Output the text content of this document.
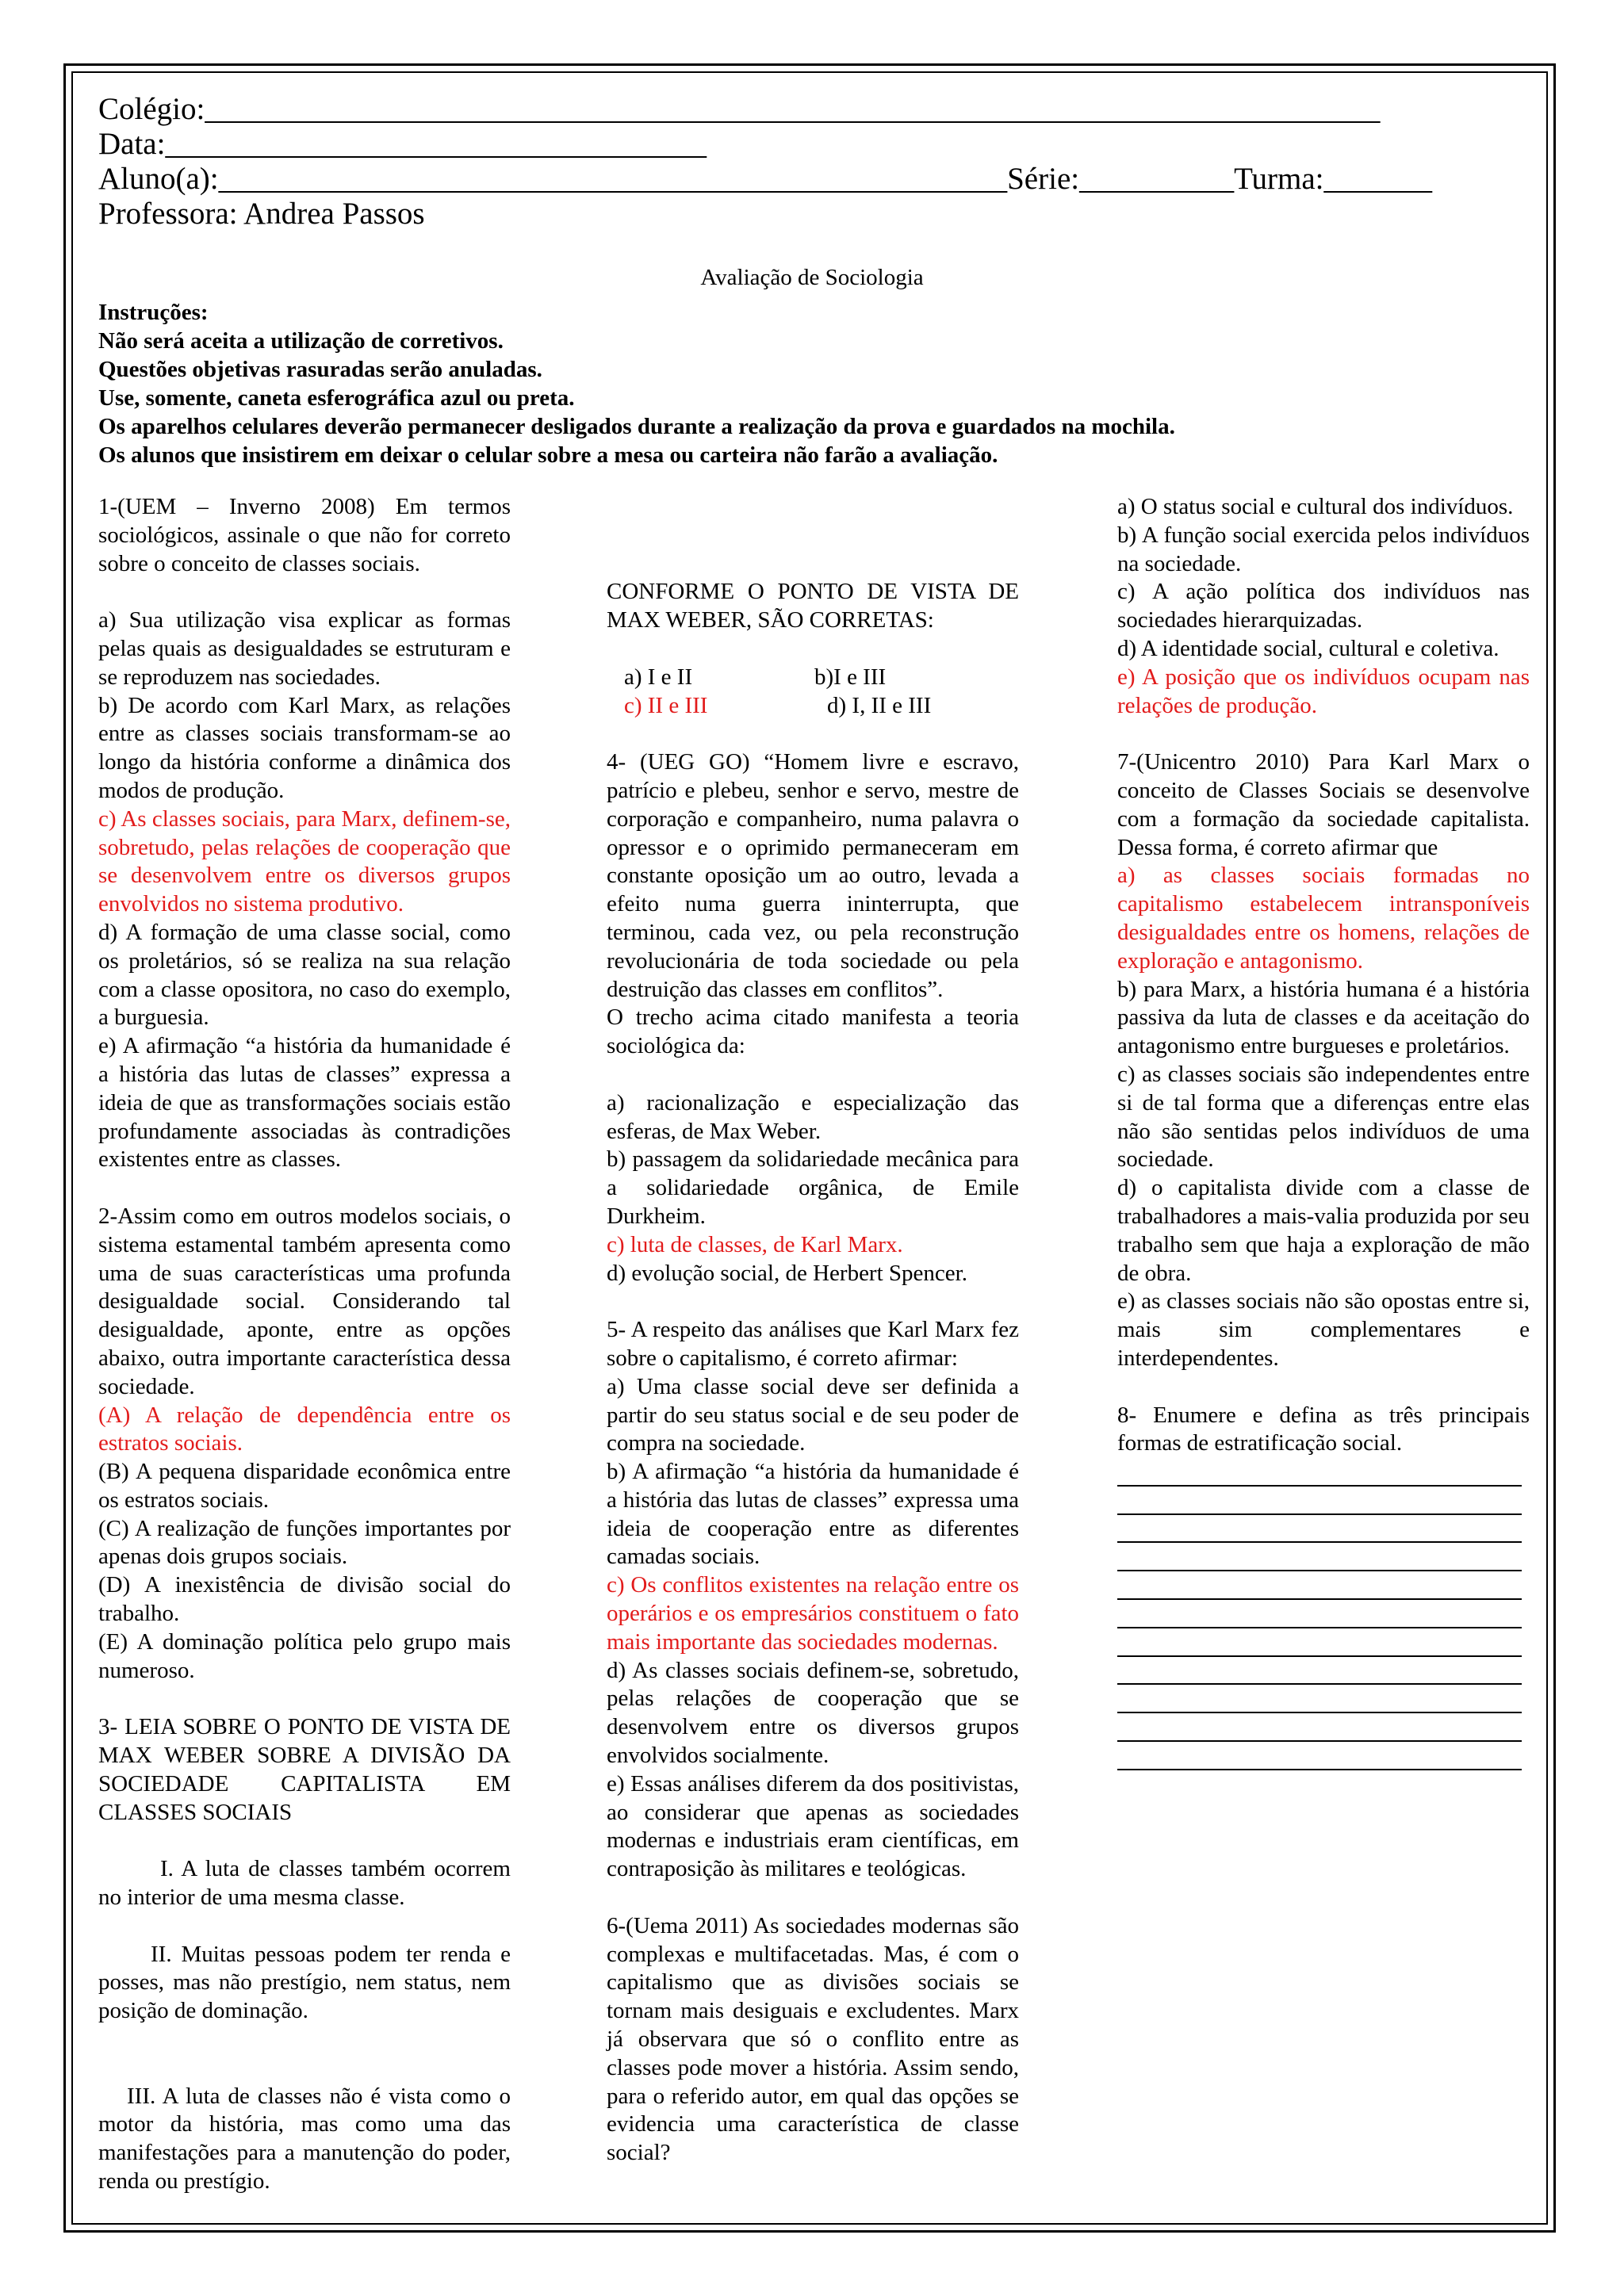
Colégio:____________________________________________________________________________
Data:___________________________________
Aluno(a):___________________________________________________Série:__________Turma:_______
Professora: Andrea Passos
Avaliação de Sociologia
Instruções:
Não será aceita a utilização de corretivos.
Questões objetivas rasuradas serão anuladas.
Use, somente, caneta esferográfica azul ou preta.
Os aparelhos celulares deverão permanecer desligados durante a realização da prova e guardados na mochila.
Os alunos que insistirem em deixar o celular sobre a mesa ou carteira não farão a avaliação.

1-(UEM – Inverno 2008) Em termos sociológicos, assinale o que não for correto sobre o conceito de classes sociais.

a) Sua utilização visa explicar as formas pelas quais as desigualdades se estruturam e se reproduzem nas sociedades.

b) De acordo com Karl Marx, as relações entre as classes sociais transformam-se ao longo da história conforme a dinâmica dos modos de produção.

c) As classes sociais, para Marx, definem-se, sobretudo, pelas relações de cooperação que se desenvolvem entre os diversos grupos envolvidos no sistema produtivo.

d) A formação de uma classe social, como os proletários, só se realiza na sua relação com a classe opositora, no caso do exemplo, a burguesia.

e) A afirmação “a história da humanidade é a história das lutas de classes” expressa a ideia de que as transformações sociais estão profundamente associadas às contradições existentes entre as classes.

2-Assim como em outros modelos sociais, o sistema estamental também apresenta como uma de suas características uma profunda desigualdade social. Considerando tal desigualdade, aponte, entre as opções abaixo, outra importante característica dessa sociedade.

(A) A relação de dependência entre os estratos sociais.

(B) A pequena disparidade econômica entre os estratos sociais.

(C) A realização de funções importantes por apenas dois grupos sociais.

(D) A inexistência de divisão social do trabalho.

(E) A dominação política pelo grupo mais numeroso.

3- LEIA SOBRE O PONTO DE VISTA DE MAX WEBER SOBRE A DIVISÃO DA SOCIEDADE CAPITALISTA EM CLASSES SOCIAIS

I. A luta de classes também ocorrem no interior de uma mesma classe.

II. Muitas pessoas podem ter renda e posses, mas não prestígio, nem status, nem posição de dominação.

III. A luta de classes não é vista como o motor da história, mas como uma das manifestações para a manutenção do poder, renda ou prestígio.

CONFORME O PONTO DE VISTA DE MAX WEBER, SÃO CORRETAS:

a) I e II	b)I e III
c) II e III	d) I, II e III

4- (UEG GO) “Homem livre e escravo, patrício e plebeu, senhor e servo, mestre de corporação e companheiro, numa palavra o opressor e o oprimido permaneceram em constante oposição um ao outro, levada a efeito numa guerra ininterrupta, que terminou, cada vez, ou pela reconstrução revolucionária de toda sociedade ou pela destruição das classes em conflitos”.

O trecho acima citado manifesta a teoria sociológica da:

a) racionalização e especialização das esferas, de Max Weber.

b) passagem da solidariedade mecânica para a solidariedade orgânica, de Emile Durkheim.

c) luta de classes, de Karl Marx.

d) evolução social, de Herbert Spencer.

5- A respeito das análises que Karl Marx fez sobre o capitalismo, é correto afirmar:

a) Uma classe social deve ser definida a partir do seu status social e de seu poder de compra na sociedade.

b) A afirmação “a história da humanidade é a história das lutas de classes” expressa uma ideia de cooperação entre as diferentes camadas sociais.

c) Os conflitos existentes na relação entre os operários e os empresários constituem o fato mais importante das sociedades modernas.

d) As classes sociais definem-se, sobretudo, pelas relações de cooperação que se desenvolvem entre os diversos grupos envolvidos socialmente.

e) Essas análises diferem da dos positivistas, ao considerar que apenas as sociedades modernas e industriais eram científicas, em contraposição às militares e teológicas.

6-(Uema 2011) As sociedades modernas são complexas e multifacetadas. Mas, é com o capitalismo que as divisões sociais se tornam mais desiguais e excludentes. Marx já observara que só o conflito entre as classes pode mover a história. Assim sendo, para o referido autor, em qual das opções se evidencia uma característica de classe social?

a) O status social e cultural dos indivíduos.

b) A função social exercida pelos indivíduos na sociedade.

c) A ação política dos indivíduos nas sociedades hierarquizadas.

d) A identidade social, cultural e coletiva.

e) A posição que os indivíduos ocupam nas relações de produção.

7-(Unicentro 2010) Para Karl Marx o conceito de Classes Sociais se desenvolve com a formação da sociedade capitalista. Dessa forma, é correto afirmar que

a) as classes sociais formadas no capitalismo estabelecem intransponíveis desigualdades entre os homens, relações de exploração e antagonismo.

b) para Marx, a história humana é a história passiva da luta de classes e da aceitação do antagonismo entre burgueses e proletários.

c) as classes sociais são independentes entre si de tal forma que a diferenças entre elas não são sentidas pelos indivíduos de uma sociedade.

d) o capitalista divide com a classe de trabalhadores a mais-valia produzida por seu trabalho sem que haja a exploração de mão de obra.

e) as classes sociais não são opostas entre si, mais sim complementares e interdependentes.

8- Enumere e defina as três principais formas de estratificação social.
